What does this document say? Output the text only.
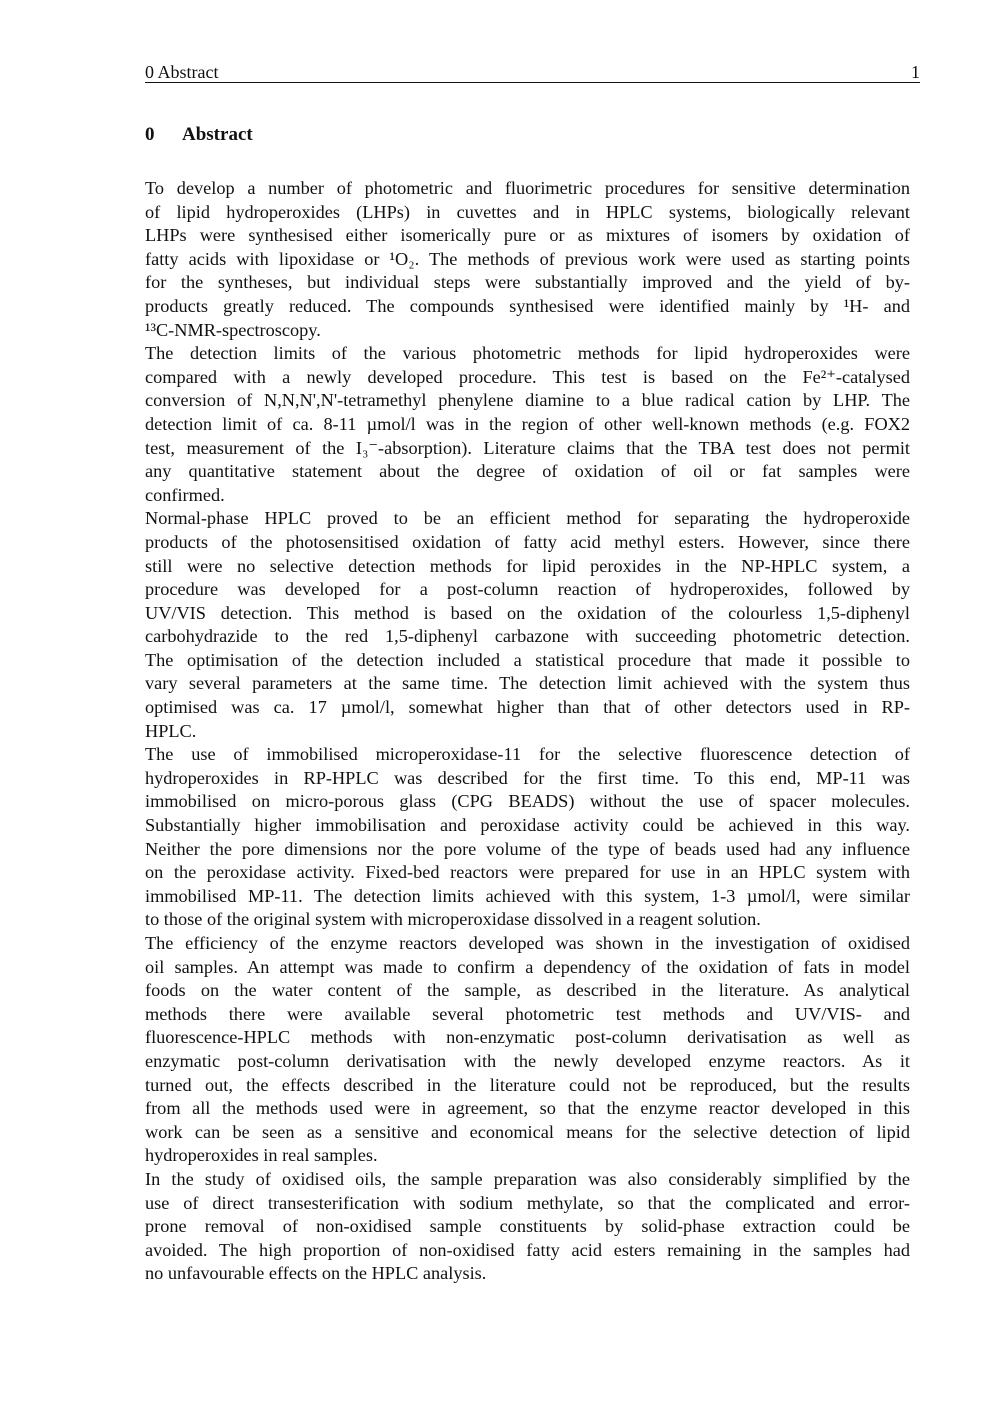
0 Abstract	1
0 Abstract
To develop a number of photometric and fluorimetric procedures for sensitive determination
of lipid hydroperoxides (LHPs) in cuvettes and in HPLC systems, biologically relevant
LHPs were synthesised either isomerically pure or as mixtures of isomers by oxidation of
fatty acids with lipoxidase or ¹O₂. The methods of previous work were used as starting points
for the syntheses, but individual steps were substantially improved and the yield of by-
products greatly reduced. The compounds synthesised were identified mainly by ¹H- and
¹³C-NMR-spectroscopy.
The detection limits of the various photometric methods for lipid hydroperoxides were
compared with a newly developed procedure. This test is based on the Fe²⁺-catalysed
conversion of N,N,N',N'-tetramethyl phenylene diamine to a blue radical cation by LHP. The
detection limit of ca. 8-11 µmol/l was in the region of other well-known methods (e.g. FOX2
test, measurement of the I₃⁻-absorption). Literature claims that the TBA test does not permit
any quantitative statement about the degree of oxidation of oil or fat samples were
confirmed.
Normal-phase HPLC proved to be an efficient method for separating the hydroperoxide
products of the photosensitised oxidation of fatty acid methyl esters. However, since there
still were no selective detection methods for lipid peroxides in the NP-HPLC system, a
procedure was developed for a post-column reaction of hydroperoxides, followed by
UV/VIS detection. This method is based on the oxidation of the colourless 1,5-diphenyl
carbohydrazide to the red 1,5-diphenyl carbazone with succeeding photometric detection.
The optimisation of the detection included a statistical procedure that made it possible to
vary several parameters at the same time. The detection limit achieved with the system thus
optimised was ca. 17 µmol/l, somewhat higher than that of other detectors used in RP-
HPLC.
The use of immobilised microperoxidase-11 for the selective fluorescence detection of
hydroperoxides in RP-HPLC was described for the first time. To this end, MP-11 was
immobilised on micro-porous glass (CPG BEADS) without the use of spacer molecules.
Substantially higher immobilisation and peroxidase activity could be achieved in this way.
Neither the pore dimensions nor the pore volume of the type of beads used had any influence
on the peroxidase activity. Fixed-bed reactors were prepared for use in an HPLC system with
immobilised MP-11. The detection limits achieved with this system, 1-3 µmol/l, were similar
to those of the original system with microperoxidase dissolved in a reagent solution.
The efficiency of the enzyme reactors developed was shown in the investigation of oxidised
oil samples. An attempt was made to confirm a dependency of the oxidation of fats in model
foods on the water content of the sample, as described in the literature. As analytical
methods there were available several photometric test methods and UV/VIS- and
fluorescence-HPLC methods with non-enzymatic post-column derivatisation as well as
enzymatic post-column derivatisation with the newly developed enzyme reactors. As it
turned out, the effects described in the literature could not be reproduced, but the results
from all the methods used were in agreement, so that the enzyme reactor developed in this
work can be seen as a sensitive and economical means for the selective detection of lipid
hydroperoxides in real samples.
In the study of oxidised oils, the sample preparation was also considerably simplified by the
use of direct transesterification with sodium methylate, so that the complicated and error-
prone removal of non-oxidised sample constituents by solid-phase extraction could be
avoided. The high proportion of non-oxidised fatty acid esters remaining in the samples had
no unfavourable effects on the HPLC analysis.
